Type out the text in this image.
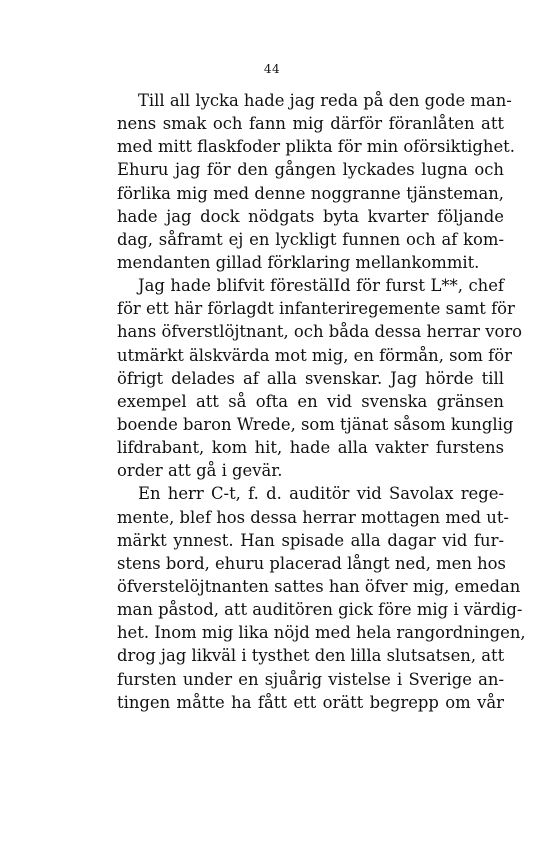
44
Till all lycka hade jag reda på den gode man-
nens smak och fann mig därför föranlåten att
med mitt flaskfoder plikta för min oförsiktighet.
Ehuru jag för den gången lyckades lugna och
förlika mig med denne noggranne tjänsteman,
hade jag dock nödgats byta kvarter följande
dag, såframt ej en lyckligt funnen och af kom-
mendanten gillad förklaring mellankommit.
Jag hade blifvit förestälId för furst L**, chef
för ett här förlagdt infanteriregemente samt för
hans öfverstlöjtnant, och båda dessa herrar voro
utmärkt älskvärda mot mig, en förmån, som för
öfrigt delades af alla svenskar. Jag hörde till
exempel att så ofta en vid svenska gränsen
boende baron Wrede, som tjänat såsom kunglig
lifdrabant, kom hit, hade alla vakter furstens
order att gå i gevär.
En herr C-t, f. d. auditör vid Savolax rege-
mente, blef hos dessa herrar mottagen med ut-
märkt ynnest. Han spisade alla dagar vid fur-
stens bord, ehuru placerad långt ned, men hos
öfverstelöjtnanten sattes han öfver mig, emedan
man påstod, att auditören gick före mig i värdig-
het. Inom mig lika nöjd med hela rangordningen,
drog jag likväl i tysthet den lilla slutsatsen, att
fursten under en sjuårig vistelse i Sverige an-
tingen måtte ha fått ett orätt begrepp om vår
